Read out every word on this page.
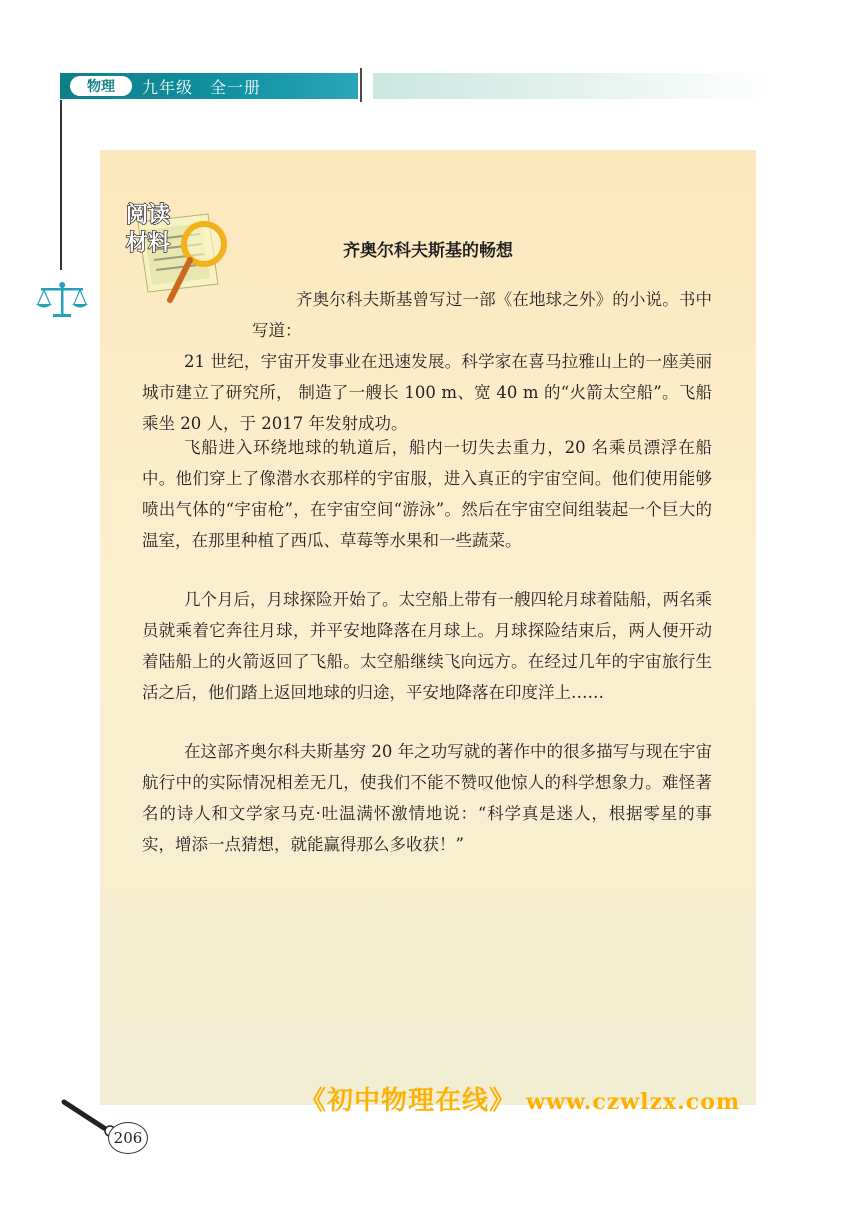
物理	九年级　全一册
阅读
材料	齐奥尔科夫斯基的畅想

齐奥尔科夫斯基曾写过一部《在地球之外》的小说。书中写道：

21 世纪，宇宙开发事业在迅速发展。科学家在喜马拉雅山上的一座美丽城市建立了研究所， 制造了一艘长 100 m、宽 40 m 的“火箭太空船”。飞船乘坐 20 人，于 2017 年发射成功。

飞船进入环绕地球的轨道后，船内一切失去重力，20 名乘员漂浮在船中。他们穿上了像潜水衣那样的宇宙服，进入真正的宇宙空间。他们使用能够喷出气体的“宇宙枪”，在宇宙空间“游泳”。然后在宇宙空间组装起一个巨大的温室，在那里种植了西瓜、草莓等水果和一些蔬菜。

几个月后，月球探险开始了。太空船上带有一艘四轮月球着陆船，两名乘员就乘着它奔往月球，并平安地降落在月球上。月球探险结束后，两人便开动着陆船上的火箭返回了飞船。太空船继续飞向远方。在经过几年的宇宙旅行生活之后，他们踏上返回地球的归途，平安地降落在印度洋上……

在这部齐奥尔科夫斯基穷 20 年之功写就的著作中的很多描写与现在宇宙航行中的实际情况相差无几，使我们不能不赞叹他惊人的科学想象力。难怪著名的诗人和文学家马克·吐温满怀激情地说：“科学真是迷人，根据零星的事实，增添一点猜想，就能赢得那么多收获！”

《初中物理在线》 www.czwlzx.com
206
